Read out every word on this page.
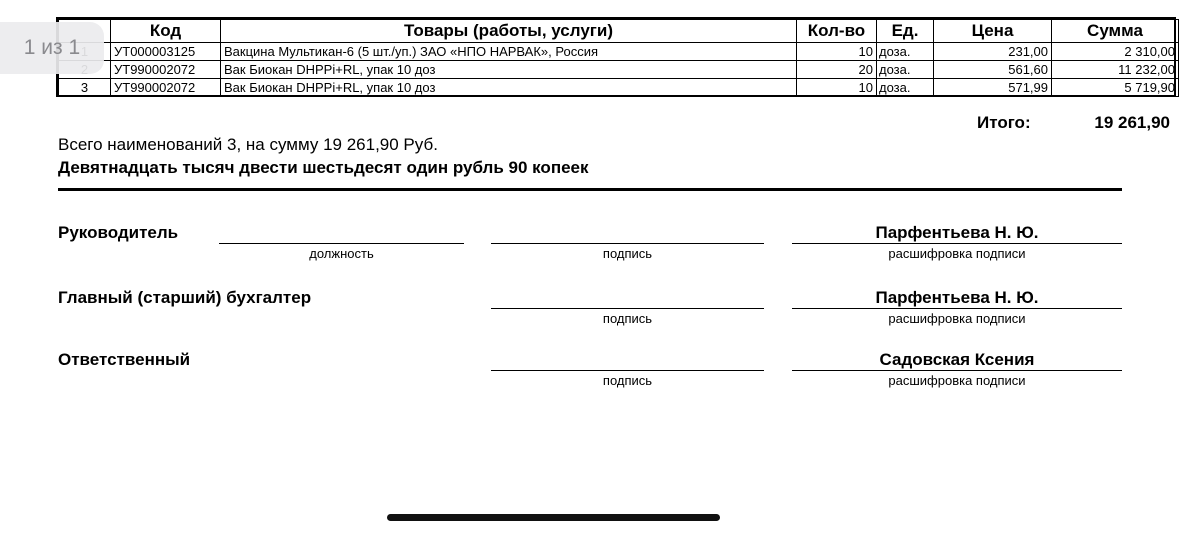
	Код	Товары (работы, услуги)	Кол-во	Ед.	Цена	Сумма
	УТ000003125	Вакцина Мультикан-6 (5 шт./уп.) ЗАО «НПО НАРВАК», Россия	10	доза.	231,00	2 310,00
	УТ990002072	Вак Биокан DHPPi+RL, упак 10 доз	20	доза.	561,60	11 232,00
3	УТ990002072	Вак Биокан DHPPi+RL, упак 10 доз	10	доза.	571,99	5 719,90
1 из 1
Итого:	19 261,90
Всего наименований 3, на сумму 19 261,90 Руб.
Девятнадцать тысяч двести шестьдесят один рубль 90 копеек
Руководитель
должность	подпись
Парфентьева Н. Ю.
расшифровка подписи
Главный (старший) бухгалтер
подпись
Парфентьева Н. Ю.
расшифровка подписи
Ответственный
подпись
Садовская Ксения
расшифровка подписи
